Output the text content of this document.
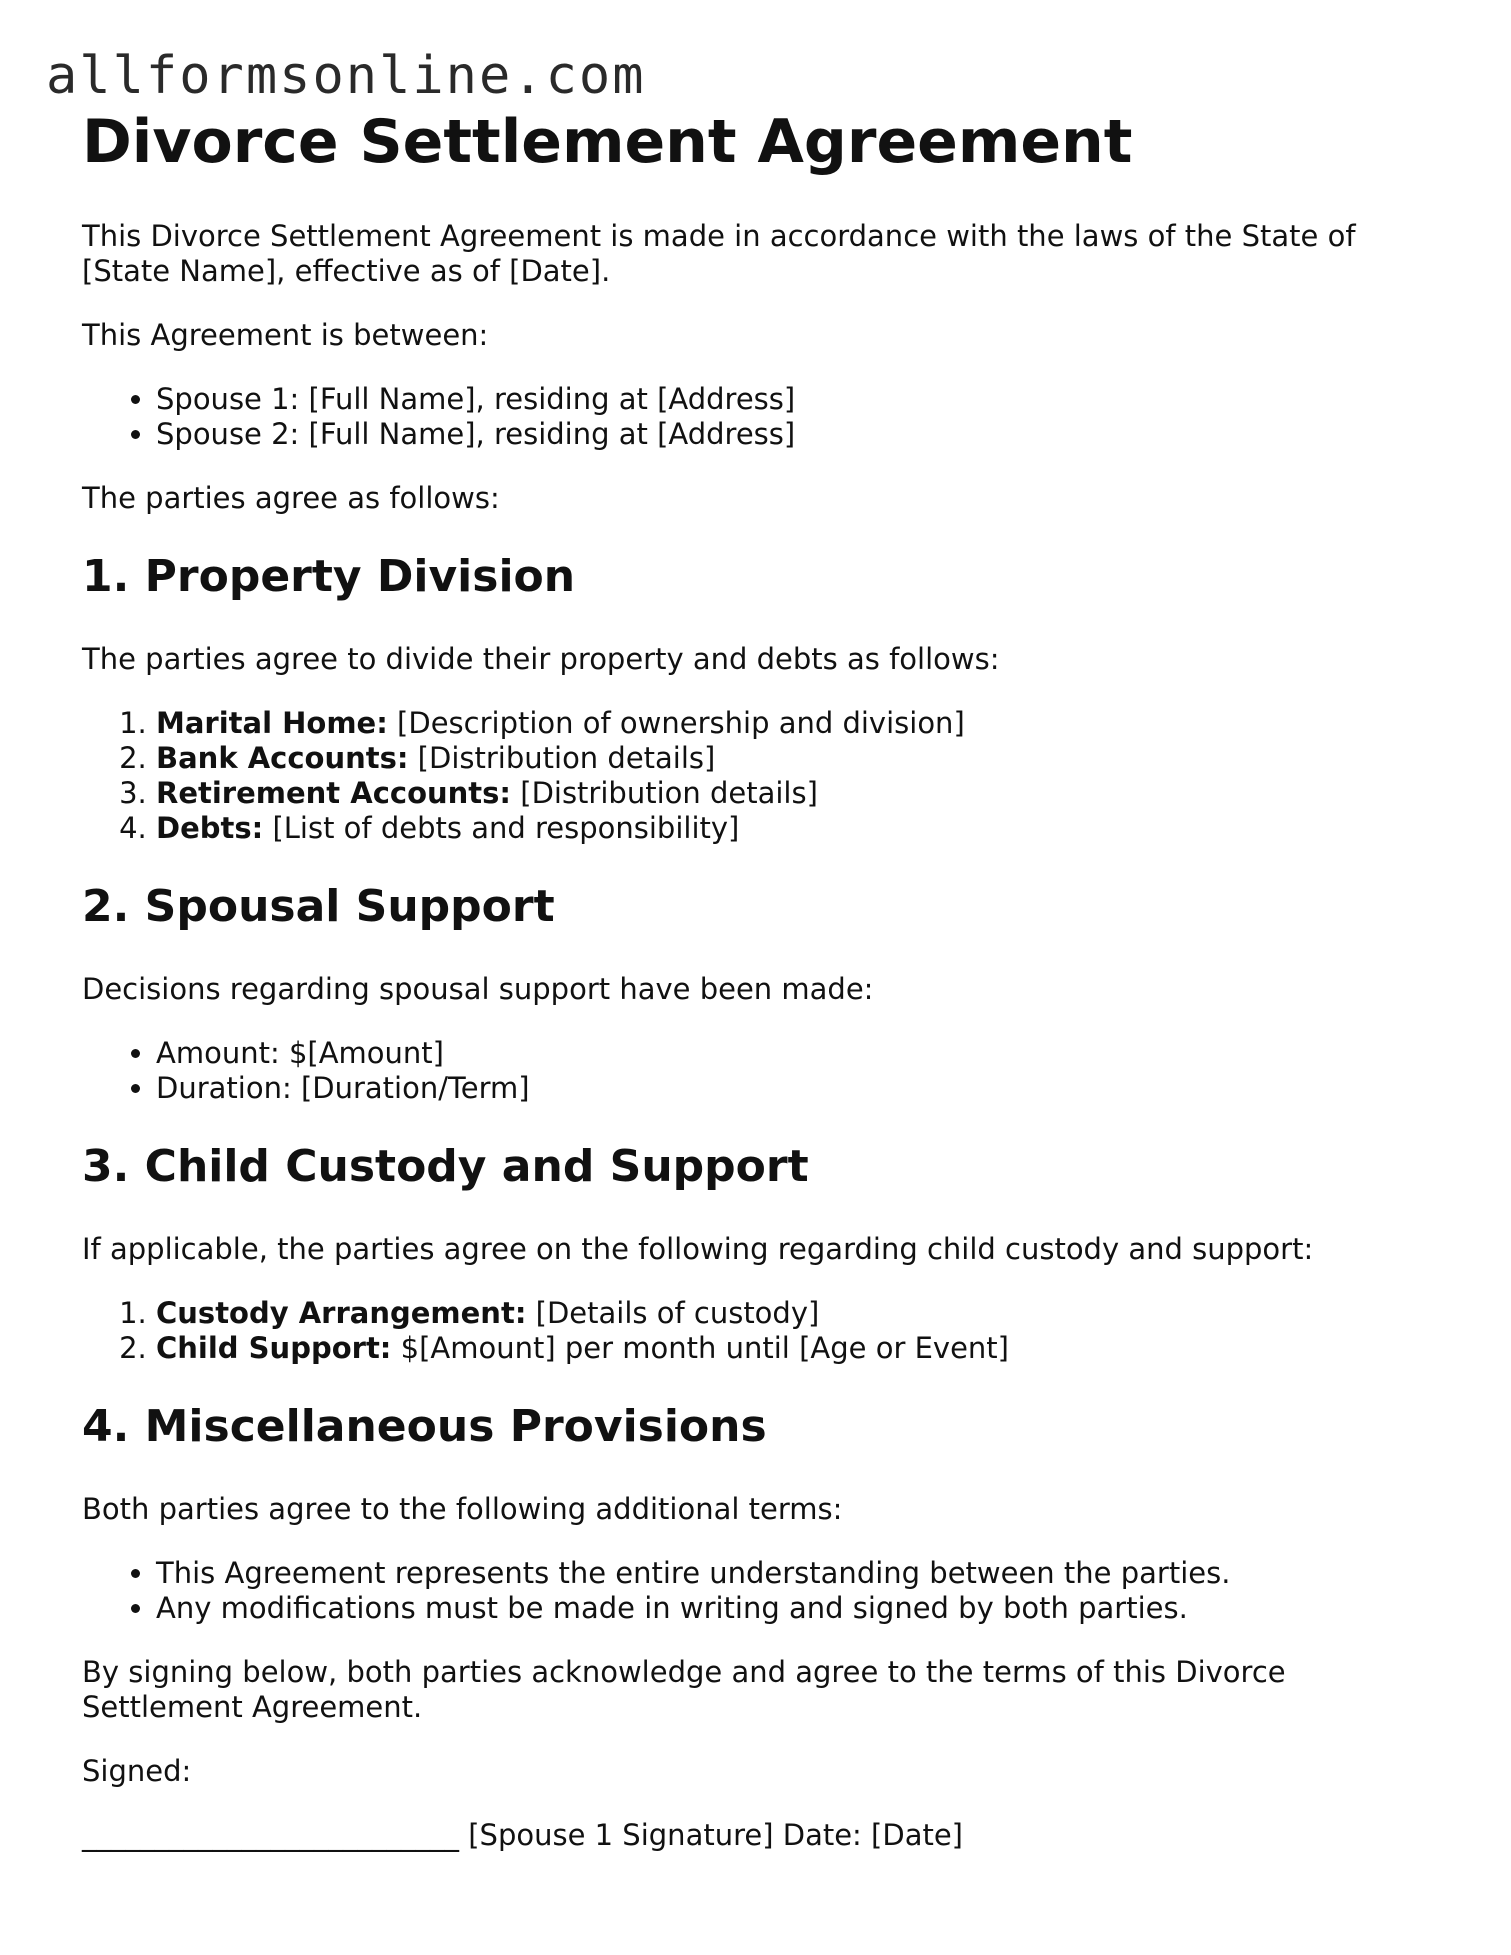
allformsonline.com
Divorce Settlement Agreement

This Divorce Settlement Agreement is made in accordance with the laws of the State of [State Name], effective as of [Date].

This Agreement is between:

• Spouse 1: [Full Name], residing at [Address]
• Spouse 2: [Full Name], residing at [Address]

The parties agree as follows:

1. Property Division

The parties agree to divide their property and debts as follows:

1. Marital Home: [Description of ownership and division]
2. Bank Accounts: [Distribution details]
3. Retirement Accounts: [Distribution details]
4. Debts: [List of debts and responsibility]
2. Spousal Support

Decisions regarding spousal support have been made:

• Amount: $[Amount]
• Duration: [Duration/Term]
3. Child Custody and Support

If applicable, the parties agree on the following regarding child custody and support:

1. Custody Arrangement: [Details of custody]
2. Child Support: $[Amount] per month until [Age or Event]
4. Miscellaneous Provisions

Both parties agree to the following additional terms:

• This Agreement represents the entire understanding between the parties.
• Any modifications must be made in writing and signed by both parties.

By signing below, both parties acknowledge and agree to the terms of this Divorce Settlement Agreement.

Signed:

__________________________ [Spouse 1 Signature] Date: [Date]
